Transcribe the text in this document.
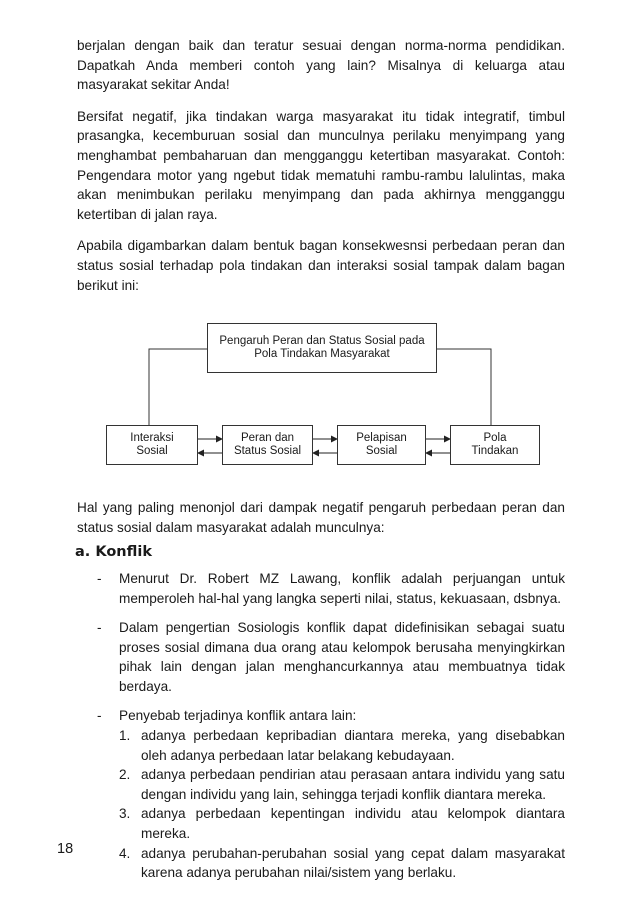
berjalan dengan baik dan teratur sesuai dengan norma-norma pendidikan. Dapatkah Anda memberi contoh yang lain? Misalnya di keluarga atau masyarakat sekitar Anda!

Bersifat negatif, jika tindakan warga masyarakat itu tidak integratif, timbul prasangka, kecemburuan sosial dan munculnya perilaku menyimpang yang menghambat pembaharuan dan mengganggu ketertiban masyarakat. Contoh: Pengendara motor yang ngebut tidak mematuhi rambu-rambu lalulintas, maka akan menimbukan perilaku menyimpang dan pada akhirnya mengganggu ketertiban di jalan raya.

Apabila digambarkan dalam bentuk bagan konsekwesnsi perbedaan peran dan status sosial terhadap pola tindakan dan interaksi sosial tampak dalam bagan berikut ini:

Pengaruh Peran dan Status Sosial pada
Pola Tindakan Masyarakat
Interaksi
Sosial
Peran dan
Status Sosial
Pelapisan
Sosial
Pola
Tindakan

Hal yang paling menonjol dari dampak negatif pengaruh perbedaan peran dan status sosial dalam masyarakat adalah munculnya:

a. Konflik
- Menurut Dr. Robert MZ Lawang, konflik adalah perjuangan untuk memperoleh hal-hal yang langka seperti nilai, status, kekuasaan, dsbnya.

- Dalam pengertian Sosiologis konflik dapat didefinisikan sebagai suatu proses sosial dimana dua orang atau kelompok berusaha menyingkirkan pihak lain dengan jalan menghancurkannya atau membuatnya tidak berdaya.

- Penyebab terjadinya konflik antara lain:

1. adanya perbedaan kepribadian diantara mereka, yang disebabkan oleh adanya perbedaan latar belakang kebudayaan.

2. adanya perbedaan pendirian atau perasaan antara individu yang satu dengan individu yang lain, sehingga terjadi konflik diantara mereka.

3. adanya perbedaan kepentingan individu atau kelompok diantara mereka.

4. adanya perubahan-perubahan sosial yang cepat dalam masyarakat karena adanya perubahan nilai/sistem yang berlaku.

18
